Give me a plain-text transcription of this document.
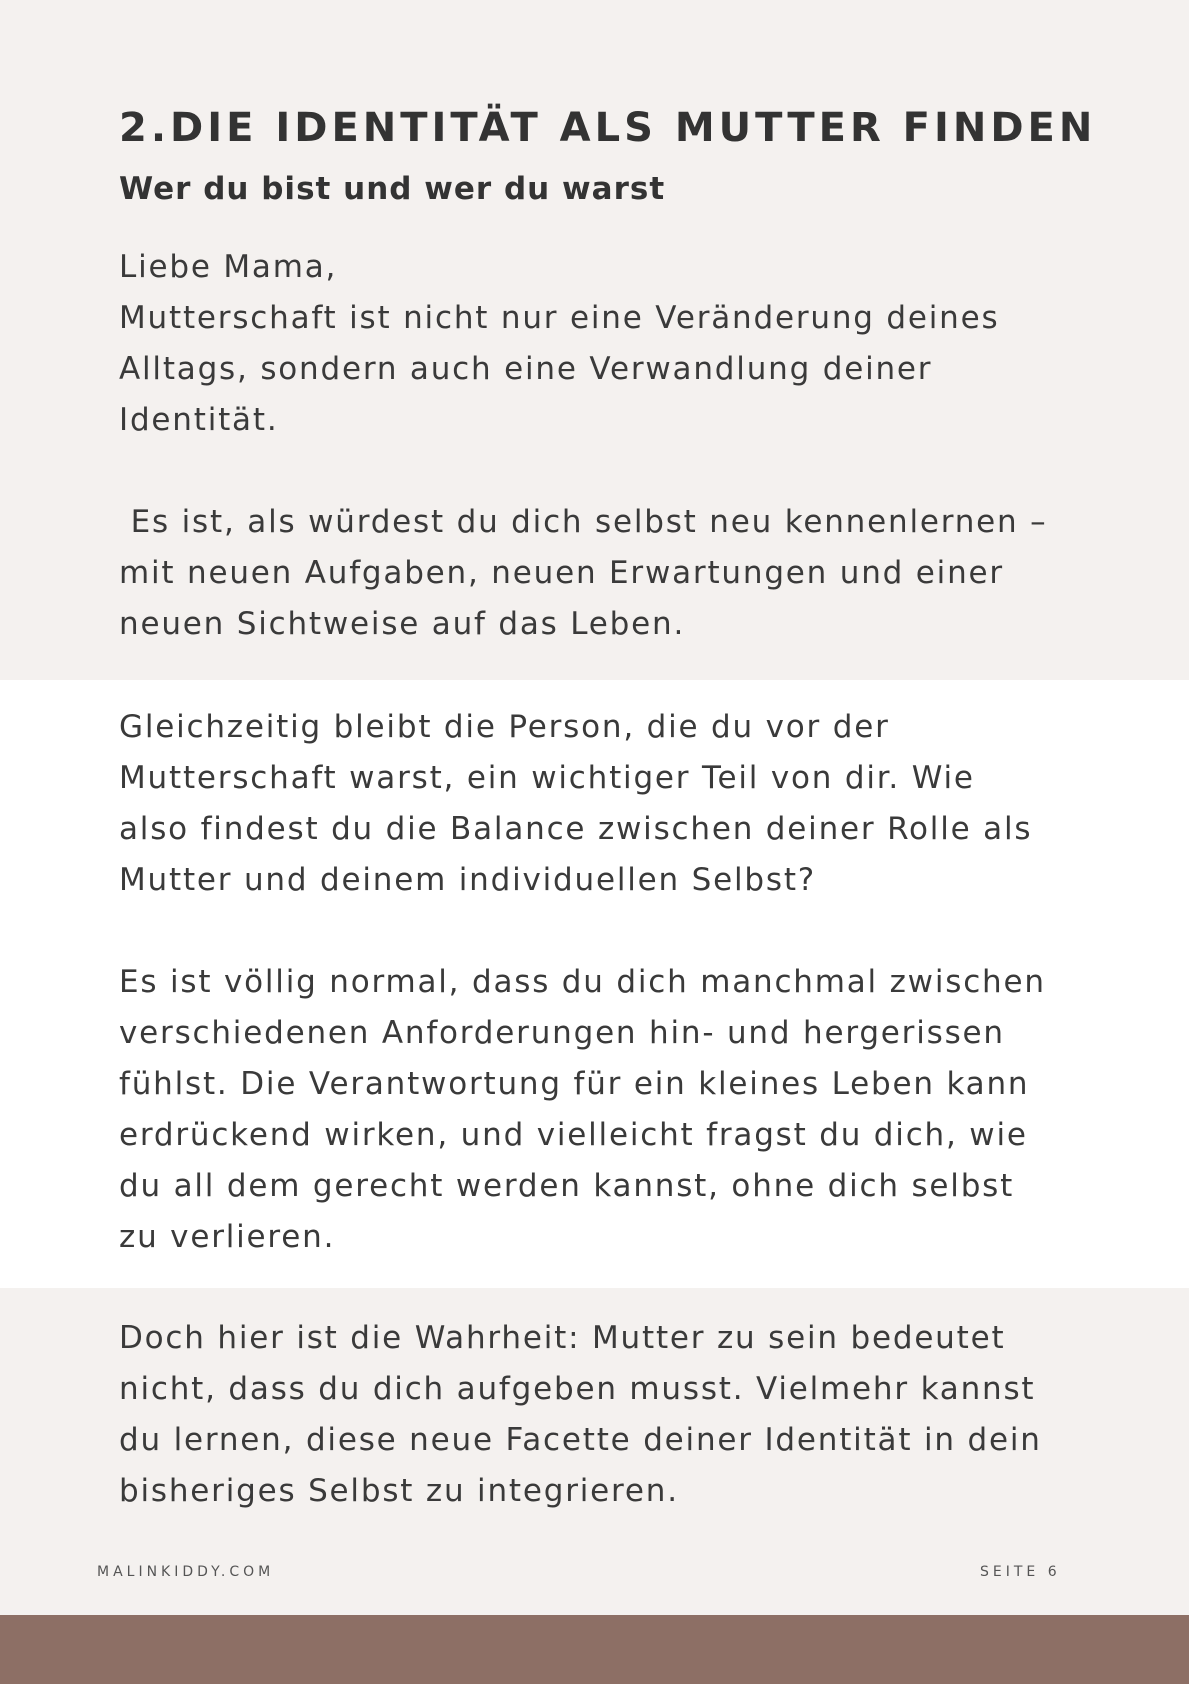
2.DIE IDENTITÄT ALS MUTTER FINDEN
Wer du bist und wer du warst
Liebe Mama,
Mutterschaft ist nicht nur eine Veränderung deines
Alltags, sondern auch eine Verwandlung deiner
Identität.
Es ist, als würdest du dich selbst neu kennenlernen –
mit neuen Aufgaben, neuen Erwartungen und einer
neuen Sichtweise auf das Leben.
Gleichzeitig bleibt die Person, die du vor der
Mutterschaft warst, ein wichtiger Teil von dir. Wie
also findest du die Balance zwischen deiner Rolle als
Mutter und deinem individuellen Selbst?
Es ist völlig normal, dass du dich manchmal zwischen
verschiedenen Anforderungen hin- und hergerissen
fühlst. Die Verantwortung für ein kleines Leben kann
erdrückend wirken, und vielleicht fragst du dich, wie
du all dem gerecht werden kannst, ohne dich selbst
zu verlieren.
Doch hier ist die Wahrheit: Mutter zu sein bedeutet
nicht, dass du dich aufgeben musst. Vielmehr kannst
du lernen, diese neue Facette deiner Identität in dein
bisheriges Selbst zu integrieren.

MALINKIDDY.COM	SEITE 6
